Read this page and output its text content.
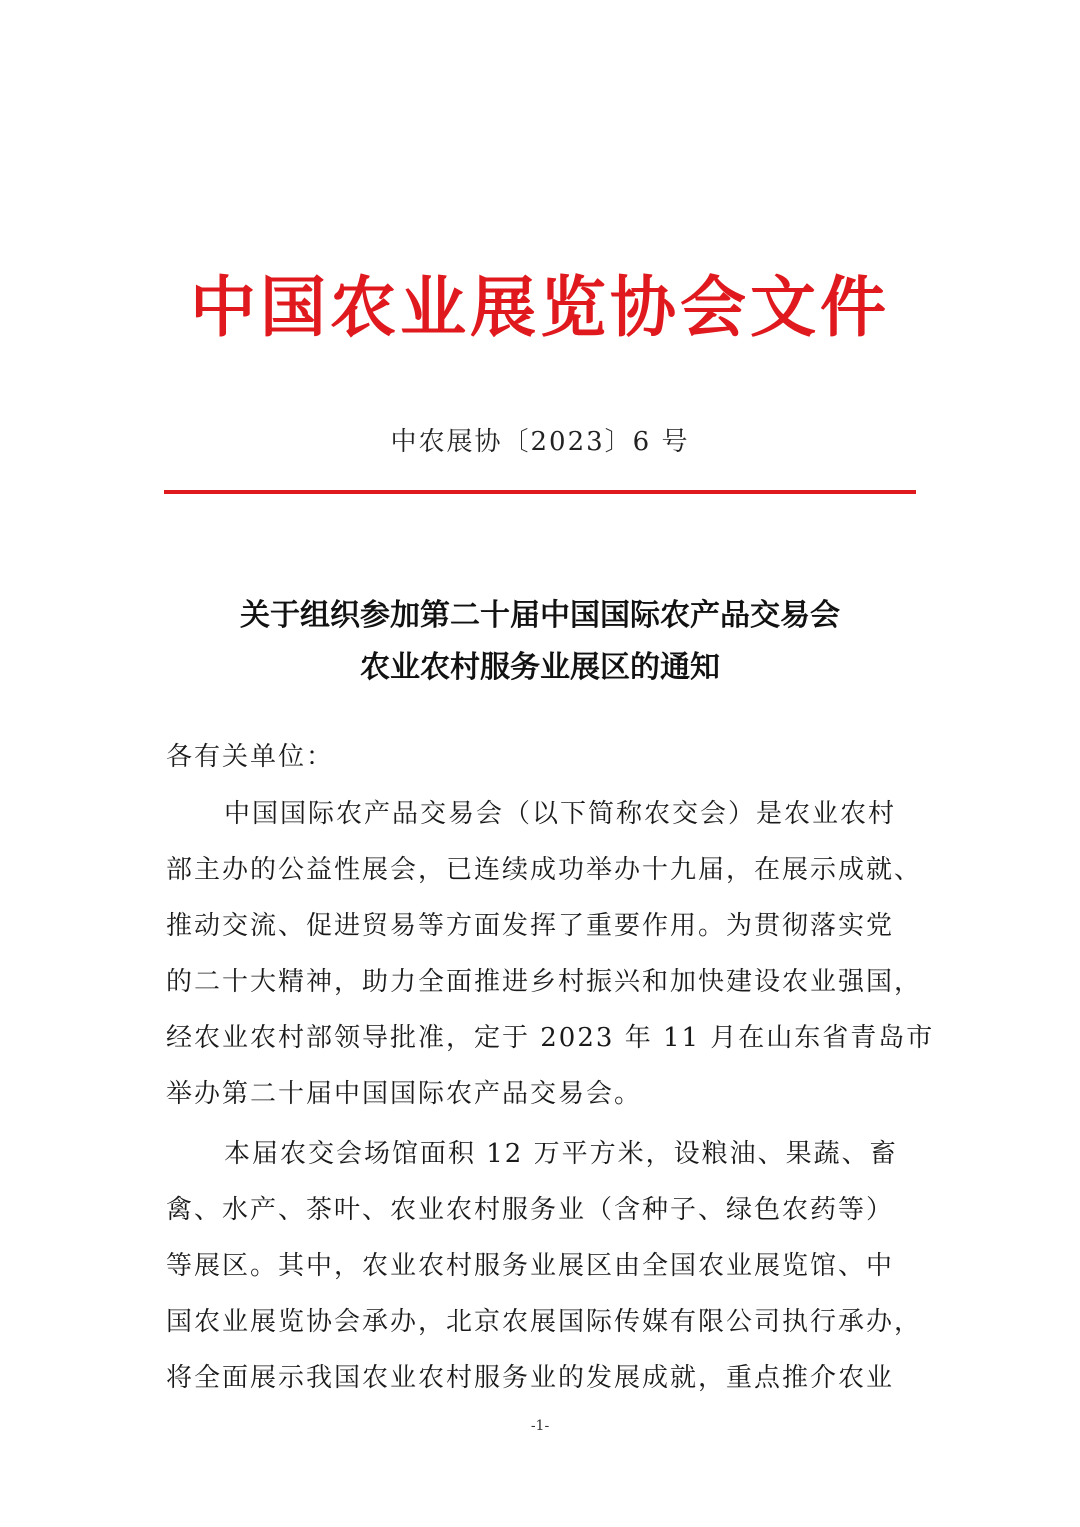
中国农业展览协会文件
中农展协〔2023〕6 号
关于组织参加第二十届中国国际农产品交易会
农业农村服务业展区的通知
各有关单位：
中国国际农产品交易会（以下简称农交会）是农业农村
部主办的公益性展会，已连续成功举办十九届，在展示成就、
推动交流、促进贸易等方面发挥了重要作用。为贯彻落实党
的二十大精神，助力全面推进乡村振兴和加快建设农业强国，
经农业农村部领导批准，定于 2023 年 11 月在山东省青岛市
举办第二十届中国国际农产品交易会。
本届农交会场馆面积 12 万平方米，设粮油、果蔬、畜
禽、水产、茶叶、农业农村服务业（含种子、绿色农药等）
等展区。其中，农业农村服务业展区由全国农业展览馆、中
国农业展览协会承办，北京农展国际传媒有限公司执行承办，
将全面展示我国农业农村服务业的发展成就，重点推介农业
-1-
